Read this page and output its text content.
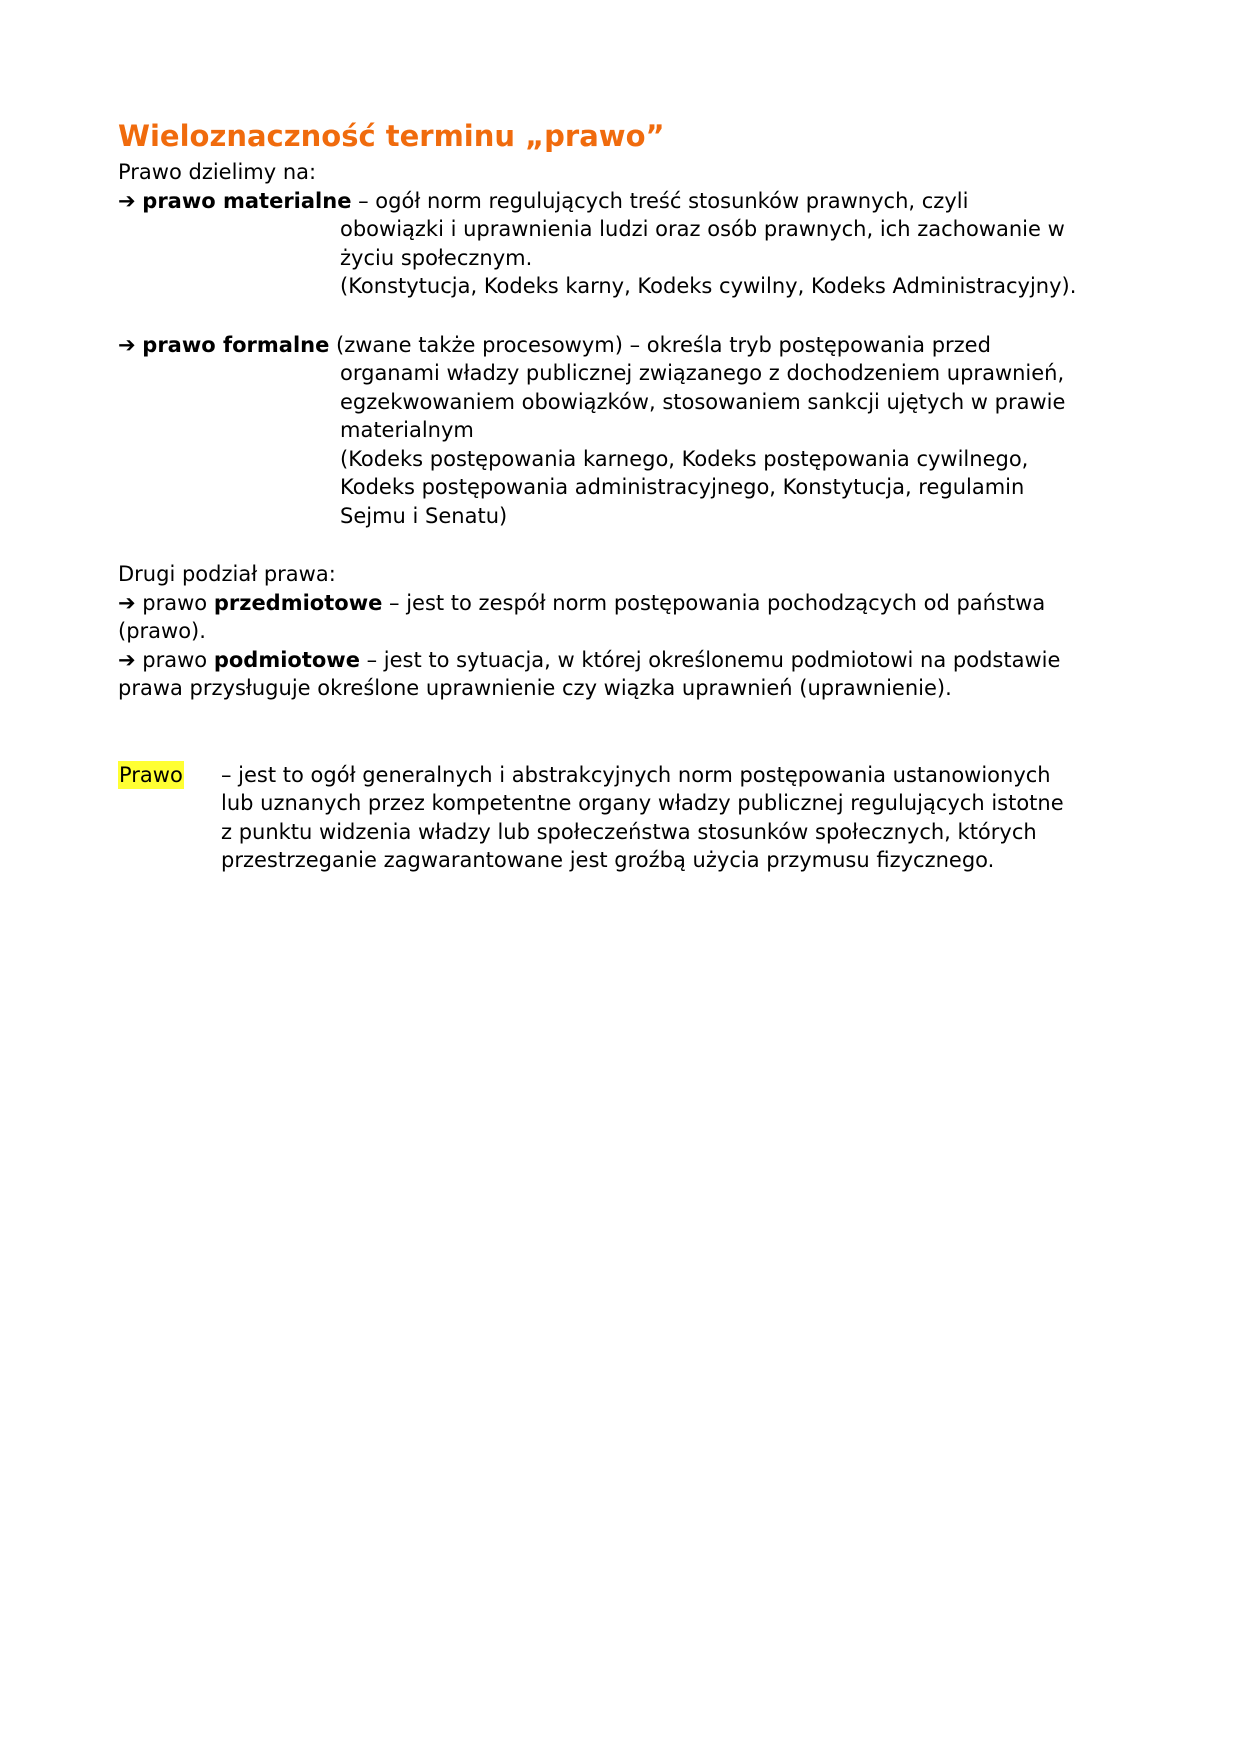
Wieloznaczność terminu „prawo”

Prawo dzielimy na:

➔ prawo materialne – ogół norm regulujących treść stosunków prawnych, czyli

obowiązki i uprawnienia ludzi oraz osób prawnych, ich zachowanie w

życiu społecznym.

(Konstytucja, Kodeks karny, Kodeks cywilny, Kodeks Administracyjny).

➔ prawo formalne (zwane także procesowym) – określa tryb postępowania przed

organami władzy publicznej związanego z dochodzeniem uprawnień,

egzekwowaniem obowiązków, stosowaniem sankcji ujętych w prawie

materialnym

(Kodeks postępowania karnego, Kodeks postępowania cywilnego,

Kodeks postępowania administracyjnego, Konstytucja, regulamin

Sejmu i Senatu)

Drugi podział prawa:

➔ prawo przedmiotowe – jest to zespół norm postępowania pochodzących od państwa

(prawo).

➔ prawo podmiotowe – jest to sytuacja, w której określonemu podmiotowi na podstawie

prawa przysługuje określone uprawnienie czy wiązka uprawnień (uprawnienie).

Prawo – jest to ogół generalnych i abstrakcyjnych norm postępowania ustanowionych

lub uznanych przez kompetentne organy władzy publicznej regulujących istotne

z punktu widzenia władzy lub społeczeństwa stosunków społecznych, których

przestrzeganie zagwarantowane jest groźbą użycia przymusu fizycznego.
